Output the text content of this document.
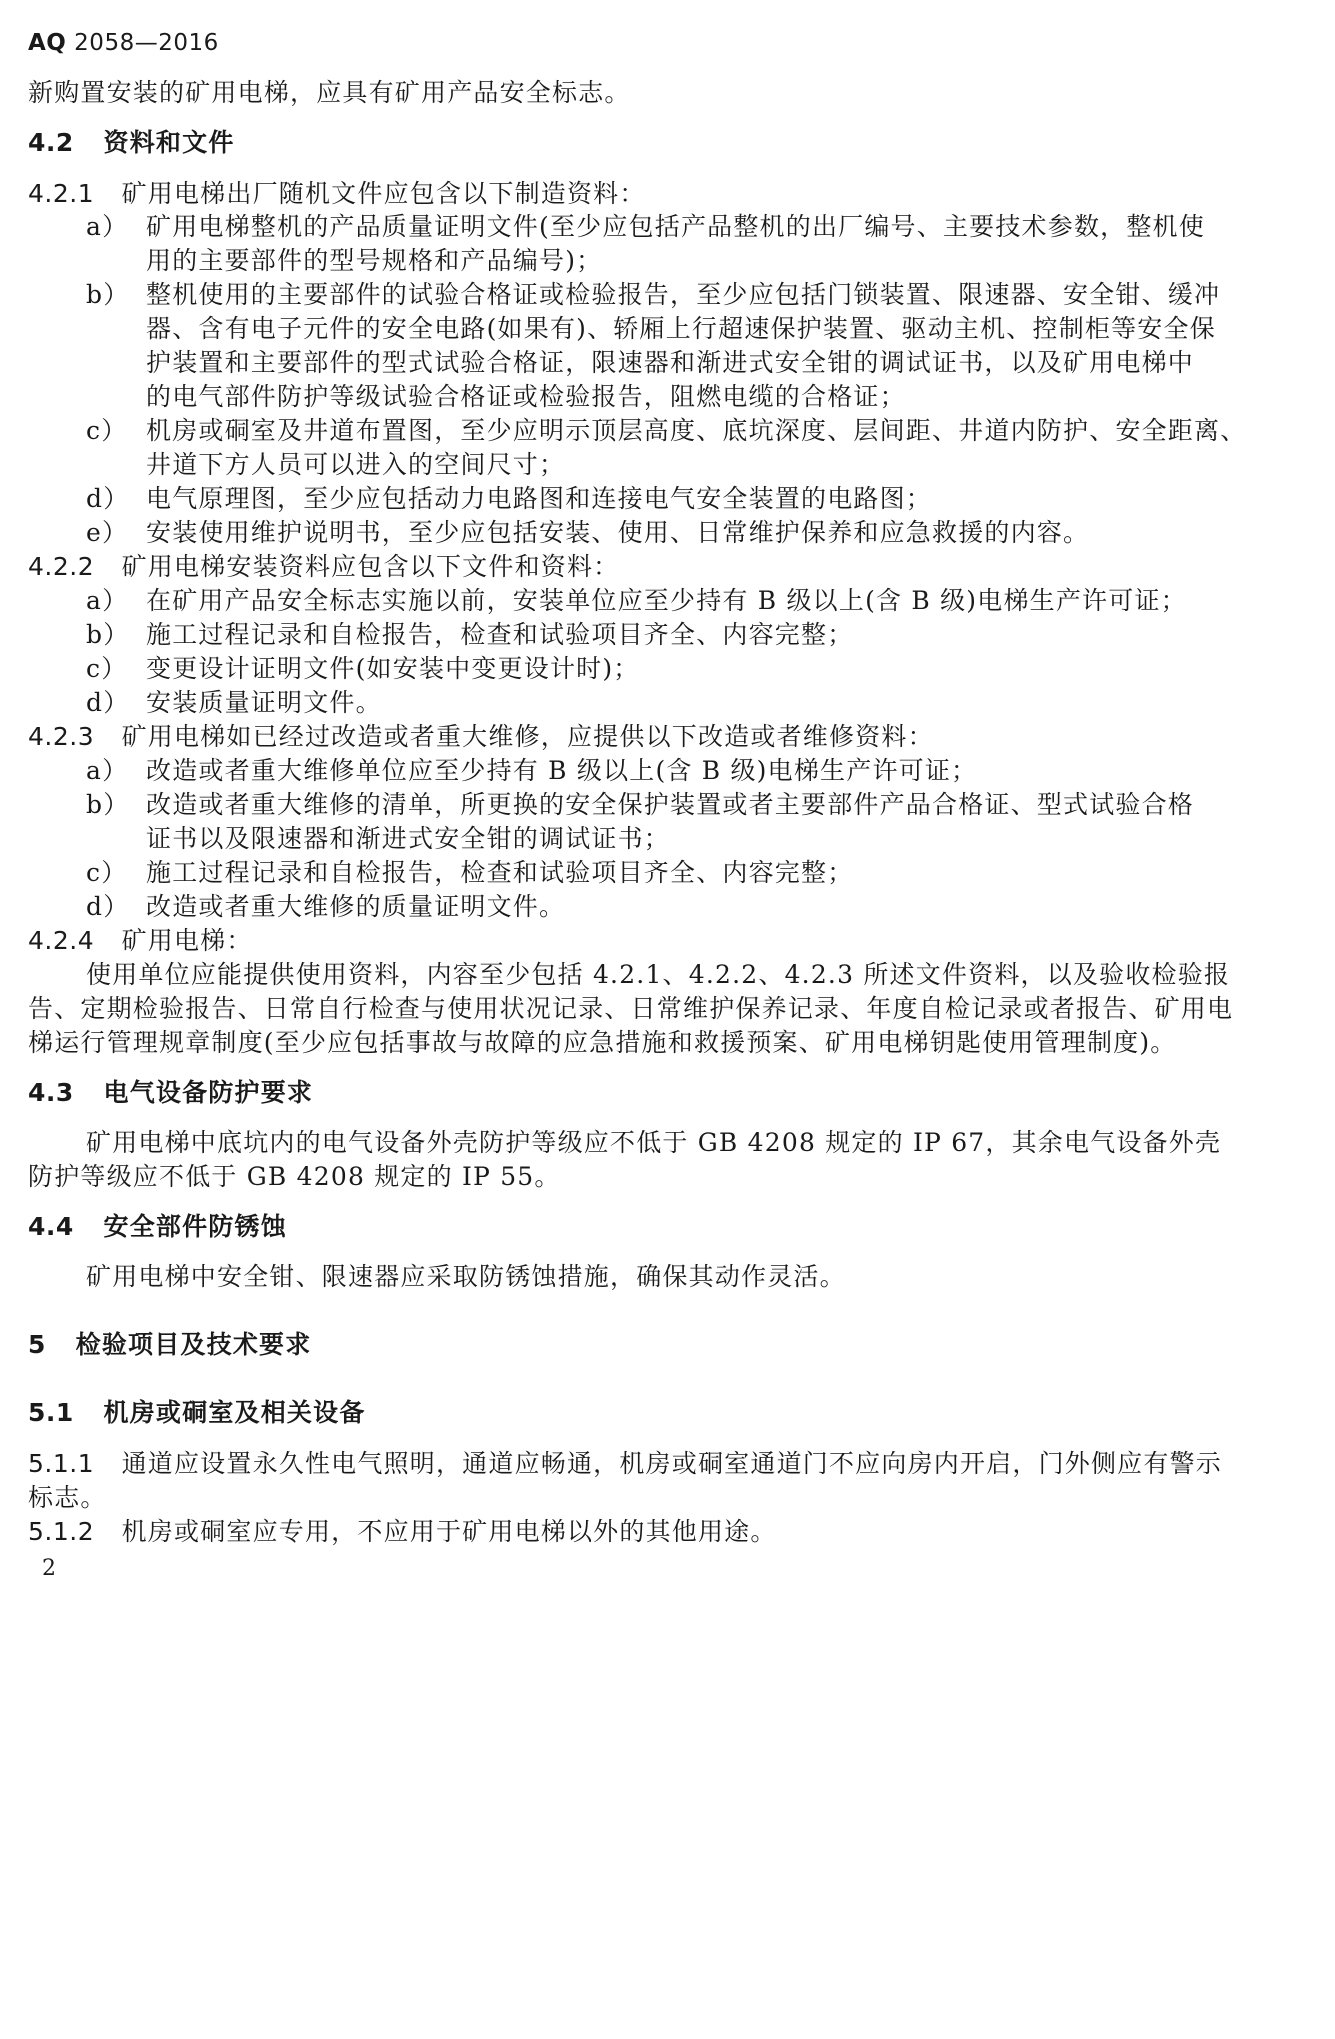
AQ 2058—2016
新购置安装的矿用电梯，应具有矿用产品安全标志。
4.2 资料和文件
4.2.1 矿用电梯出厂随机文件应包含以下制造资料：
a） 矿用电梯整机的产品质量证明文件(至少应包括产品整机的出厂编号、主要技术参数，整机使
用的主要部件的型号规格和产品编号)；
b） 整机使用的主要部件的试验合格证或检验报告，至少应包括门锁装置、限速器、安全钳、缓冲
器、含有电子元件的安全电路(如果有)、轿厢上行超速保护装置、驱动主机、控制柜等安全保
护装置和主要部件的型式试验合格证，限速器和渐进式安全钳的调试证书，以及矿用电梯中
的电气部件防护等级试验合格证或检验报告，阻燃电缆的合格证；
c） 机房或硐室及井道布置图，至少应明示顶层高度、底坑深度、层间距、井道内防护、安全距离、
井道下方人员可以进入的空间尺寸；
d） 电气原理图，至少应包括动力电路图和连接电气安全装置的电路图；
e） 安装使用维护说明书，至少应包括安装、使用、日常维护保养和应急救援的内容。
4.2.2 矿用电梯安装资料应包含以下文件和资料：
a） 在矿用产品安全标志实施以前，安装单位应至少持有 B 级以上(含 B 级)电梯生产许可证；
b） 施工过程记录和自检报告，检查和试验项目齐全、内容完整；
c） 变更设计证明文件(如安装中变更设计时)；
d） 安装质量证明文件。
4.2.3 矿用电梯如已经过改造或者重大维修，应提供以下改造或者维修资料：
a） 改造或者重大维修单位应至少持有 B 级以上(含 B 级)电梯生产许可证；
b） 改造或者重大维修的清单，所更换的安全保护装置或者主要部件产品合格证、型式试验合格
证书以及限速器和渐进式安全钳的调试证书；
c） 施工过程记录和自检报告，检查和试验项目齐全、内容完整；
d） 改造或者重大维修的质量证明文件。
4.2.4 矿用电梯：
使用单位应能提供使用资料，内容至少包括 4.2.1、4.2.2、4.2.3 所述文件资料，以及验收检验报
告、定期检验报告、日常自行检查与使用状况记录、日常维护保养记录、年度自检记录或者报告、矿用电
梯运行管理规章制度(至少应包括事故与故障的应急措施和救援预案、矿用电梯钥匙使用管理制度)。
4.3 电气设备防护要求
矿用电梯中底坑内的电气设备外壳防护等级应不低于 GB 4208 规定的 IP 67，其余电气设备外壳
防护等级应不低于 GB 4208 规定的 IP 55。
4.4 安全部件防锈蚀
矿用电梯中安全钳、限速器应采取防锈蚀措施，确保其动作灵活。
5 检验项目及技术要求
5.1 机房或硐室及相关设备
5.1.1 通道应设置永久性电气照明，通道应畅通，机房或硐室通道门不应向房内开启，门外侧应有警示
标志。
5.1.2 机房或硐室应专用，不应用于矿用电梯以外的其他用途。
2
